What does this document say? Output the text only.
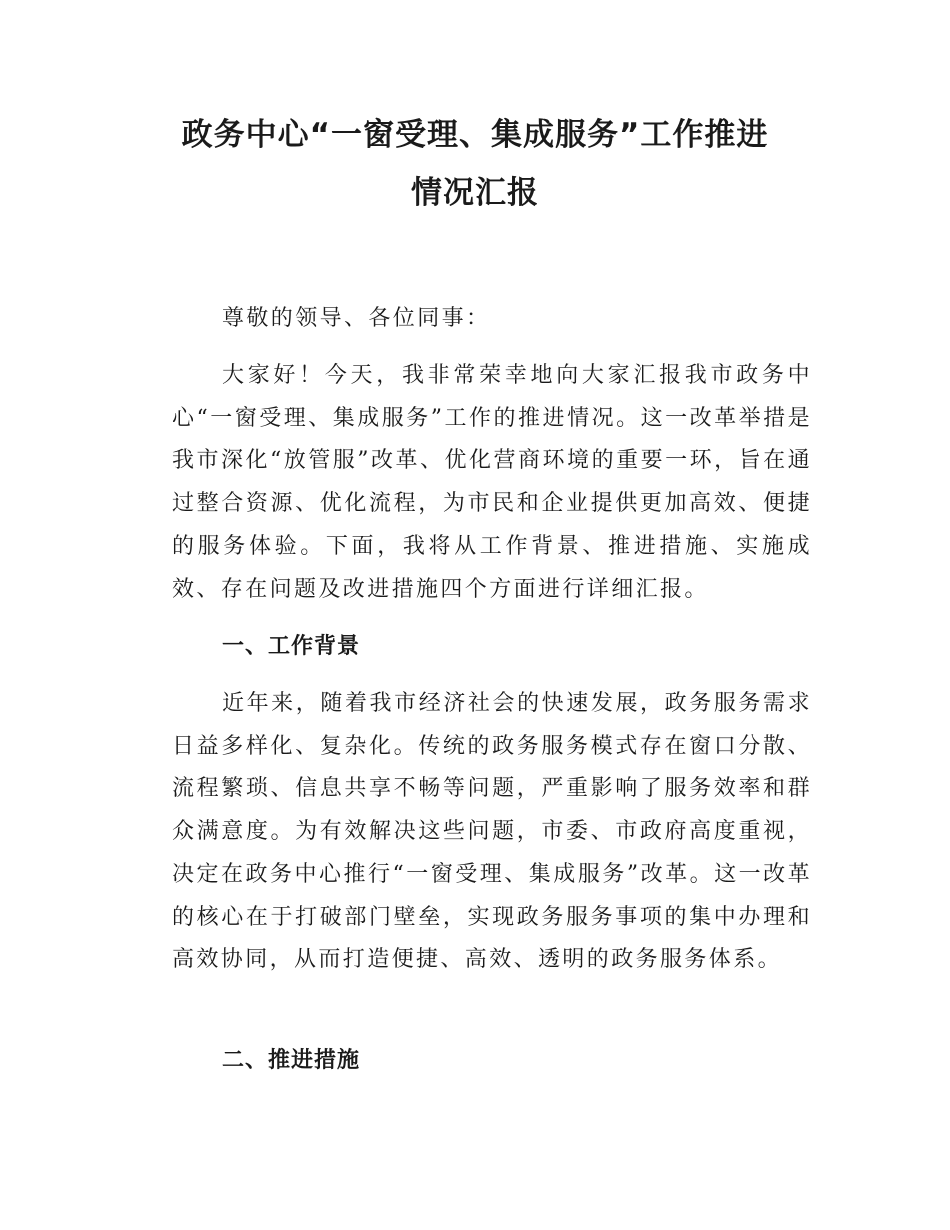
政务中心“一窗受理、集成服务”工作推进
情况汇报

尊敬的领导、各位同事：

大家好！今天，我非常荣幸地向大家汇报我市政务中心“一窗受理、集成服务”工作的推进情况。这一改革举措是我市深化“放管服”改革、优化营商环境的重要一环，旨在通过整合资源、优化流程，为市民和企业提供更加高效、便捷的服务体验。下面，我将从工作背景、推进措施、实施成效、存在问题及改进措施四个方面进行详细汇报。

一、工作背景

近年来，随着我市经济社会的快速发展，政务服务需求日益多样化、复杂化。传统的政务服务模式存在窗口分散、流程繁琐、信息共享不畅等问题，严重影响了服务效率和群众满意度。为有效解决这些问题，市委、市政府高度重视，决定在政务中心推行“一窗受理、集成服务”改革。这一改革的核心在于打破部门壁垒，实现政务服务事项的集中办理和高效协同，从而打造便捷、高效、透明的政务服务体系。

二、推进措施
